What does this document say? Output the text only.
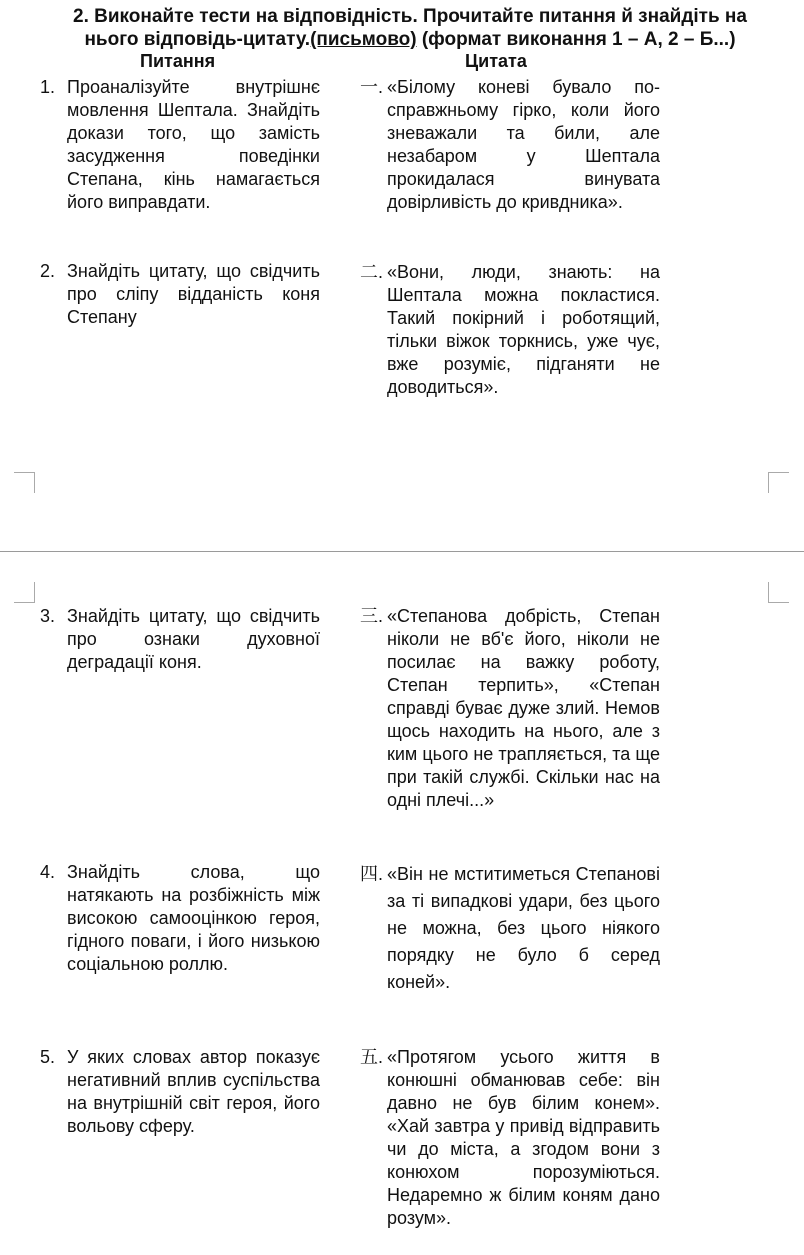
2. Виконайте тести на відповідність. Прочитайте питання й знайдіть на
нього відповідь-цитату.(письмово) (формат виконання 1 – А, 2 – Б...)
Питання	Цитата
1. Проаналізуйте внутрішнє мовлення Шептала. Знайдіть докази того, що замість засудження поведінки Степана, кінь намагається його виправдати.
一. «Білому коневі бувало по-справжньому гірко, коли його зневажали та били, але незабаром у Шептала прокидалася винувата довірливість до кривдника».
2. Знайдіть цитату, що свідчить про сліпу відданість коня Степану
二. «Вони, люди, знають: на Шептала можна покластися. Такий покірний і роботящий, тільки віжок торкнись, уже чує, вже розуміє, підганяти не доводиться».
3. Знайдіть цитату, що свідчить про ознаки духовної деградації коня.
三. «Степанова добрість, Степан ніколи не вб'є його, ніколи не посилає на важку роботу, Степан терпить», «Степан справді буває дуже злий. Немов щось находить на нього, але з ким цього не трапляється, та ще при такій службі. Скільки нас на одні плечі...»
4. Знайдіть слова, що натякають на розбіжність між високою самооцінкою героя, гідного поваги, і його низькою соціальною роллю.
四. «Він не мститиметься Степанові за ті випадкові удари, без цього не можна, без цього ніякого порядку не було б серед коней».
5. У яких словах автор показує негативний вплив суспільства на внутрішній світ героя, його вольову сферу.
五. «Протягом усього життя в конюшні обманював себе: він давно не був білим конем». «Хай завтра у привід відправить чи до міста, а згодом вони з конюхом порозуміються. Недаремно ж білим коням дано розум».
